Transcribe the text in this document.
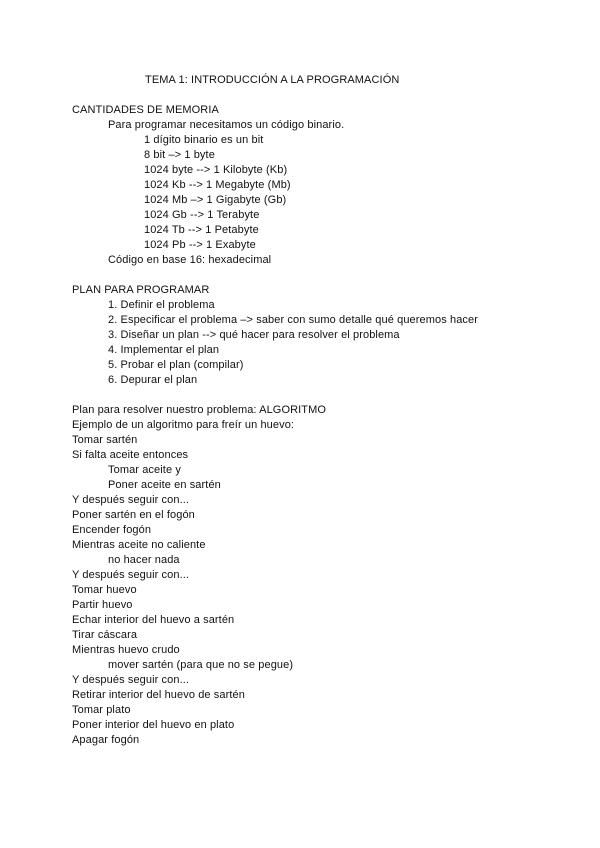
TEMA 1: INTRODUCCIÓN A LA PROGRAMACIÓN
CANTIDADES DE MEMORIA
Para programar necesitamos un código binario.
1 dígito binario es un bit
8 bit –> 1 byte
1024 byte --> 1 Kilobyte (Kb)
1024 Kb --> 1 Megabyte (Mb)
1024 Mb –> 1 Gigabyte (Gb)
1024 Gb --> 1 Terabyte
1024 Tb --> 1 Petabyte
1024 Pb --> 1 Exabyte
Código en base 16: hexadecimal
PLAN PARA PROGRAMAR
1. Definir el problema
2. Especificar el problema –> saber con sumo detalle qué queremos hacer
3. Diseñar un plan --> qué hacer para resolver el problema
4. Implementar el plan
5. Probar el plan (compilar)
6. Depurar el plan
Plan para resolver nuestro problema: ALGORITMO
Ejemplo de un algoritmo para freír un huevo:
Tomar sartén
Si falta aceite entonces
Tomar aceite y
Poner aceite en sartén
Y después seguir con...
Poner sartén en el fogón
Encender fogón
Mientras aceite no caliente
no hacer nada
Y después seguir con...
Tomar huevo
Partir huevo
Echar interior del huevo a sartén
Tirar cáscara
Mientras huevo crudo
mover sartén (para que no se pegue)
Y después seguir con...
Retirar interior del huevo de sartén
Tomar plato
Poner interior del huevo en plato
Apagar fogón
